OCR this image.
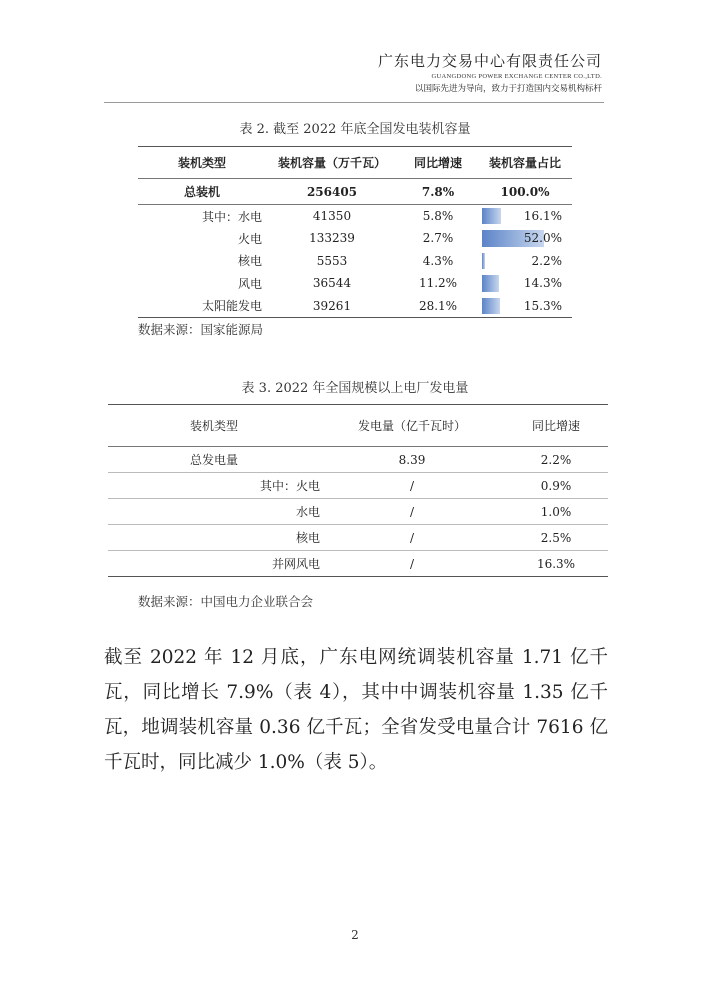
广东电力交易中心有限责任公司
GUANGDONG POWER EXCHANGE CENTER CO.,LTD.
以国际先进为导向，致力于打造国内交易机构标杆
表 2. 截至 2022 年底全国发电装机容量
装机类型	装机容量（万千瓦）	同比增速	装机容量占比
总装机	256405	7.8%	100.0%
其中：水电	41350	5.8%	16.1%
火电	133239	2.7%	52.0%
核电	5553	4.3%	2.2%
风电	36544	11.2%	14.3%
太阳能发电	39261	28.1%	15.3%
数据来源：国家能源局
表 3. 2022 年全国规模以上电厂发电量
装机类型	发电量（亿千瓦时）	同比增速
总发电量	8.39	2.2%
其中：火电	/	0.9%
水电	/	1.0%
核电	/	2.5%
并网风电	/	16.3%
数据来源：中国电力企业联合会
截至 2022 年 12 月底，广东电网统调装机容量 1.71 亿千瓦，同比增长 7.9%（表 4），其中中调装机容量 1.35 亿千瓦，地调装机容量 0.36 亿千瓦；全省发受电量合计 7616 亿千瓦时，同比减少 1.0%（表 5）。
2
